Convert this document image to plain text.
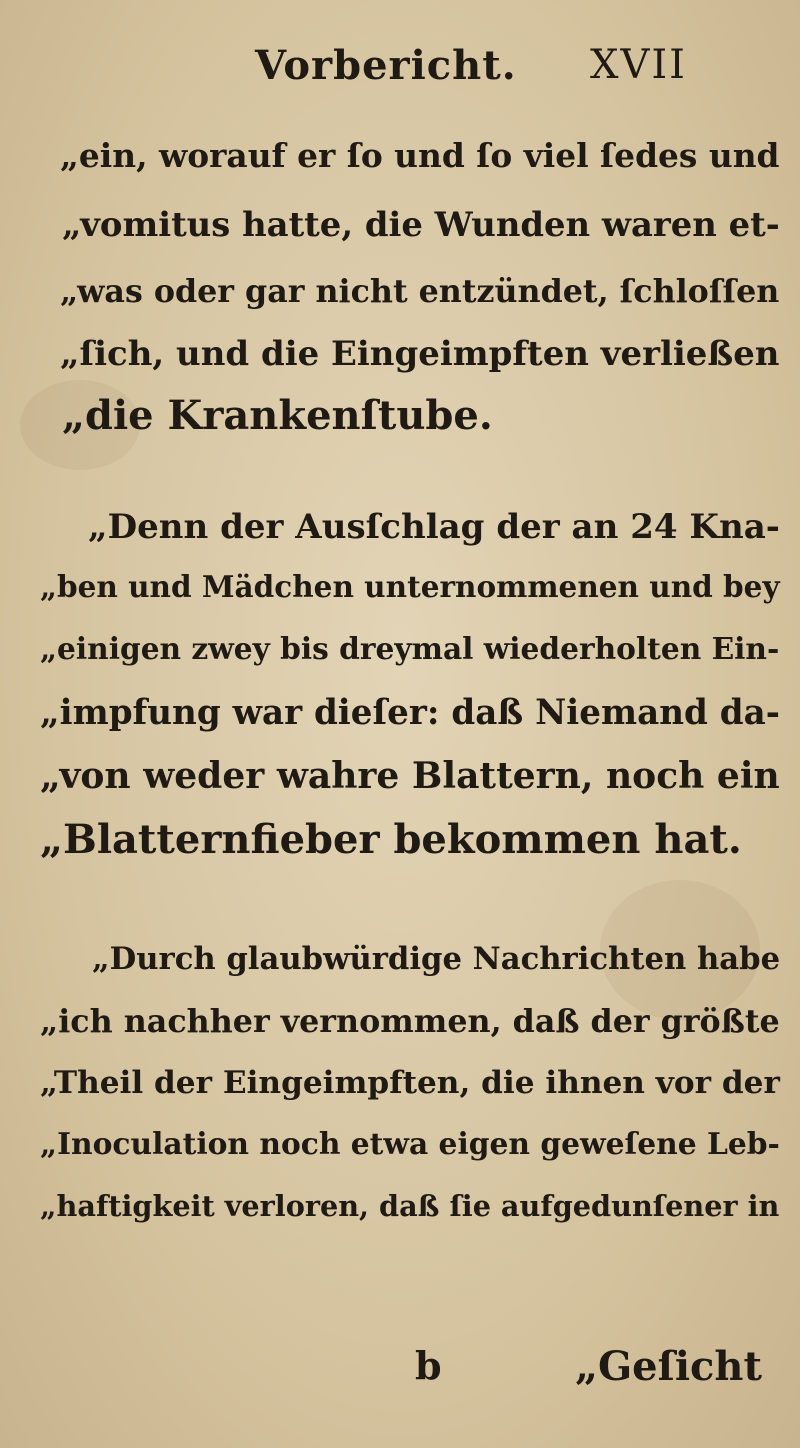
Vorbericht. XVII
„ein, worauf er ſo und ſo viel ſedes und
„vomitus hatte, die Wunden waren et-
„was oder gar nicht entzündet, ſchloſſen
„ſich, und die Eingeimpften verließen
„die Krankenſtube.
„Denn der Ausſchlag der an 24 Kna-
„ben und Mädchen unternommenen und bey
„einigen zwey bis dreymal wiederholten Ein-
„impfung war dieſer: daß Niemand da-
„von weder wahre Blattern, noch ein
„Blatternfieber bekommen hat.
„Durch glaubwürdige Nachrichten habe
„ich nachher vernommen, daß der größte
„Theil der Eingeimpften, die ihnen vor der
„Inoculation noch etwa eigen geweſene Leb-
„haftigkeit verloren, daß ſie aufgedunſener in
b	„Geſicht
